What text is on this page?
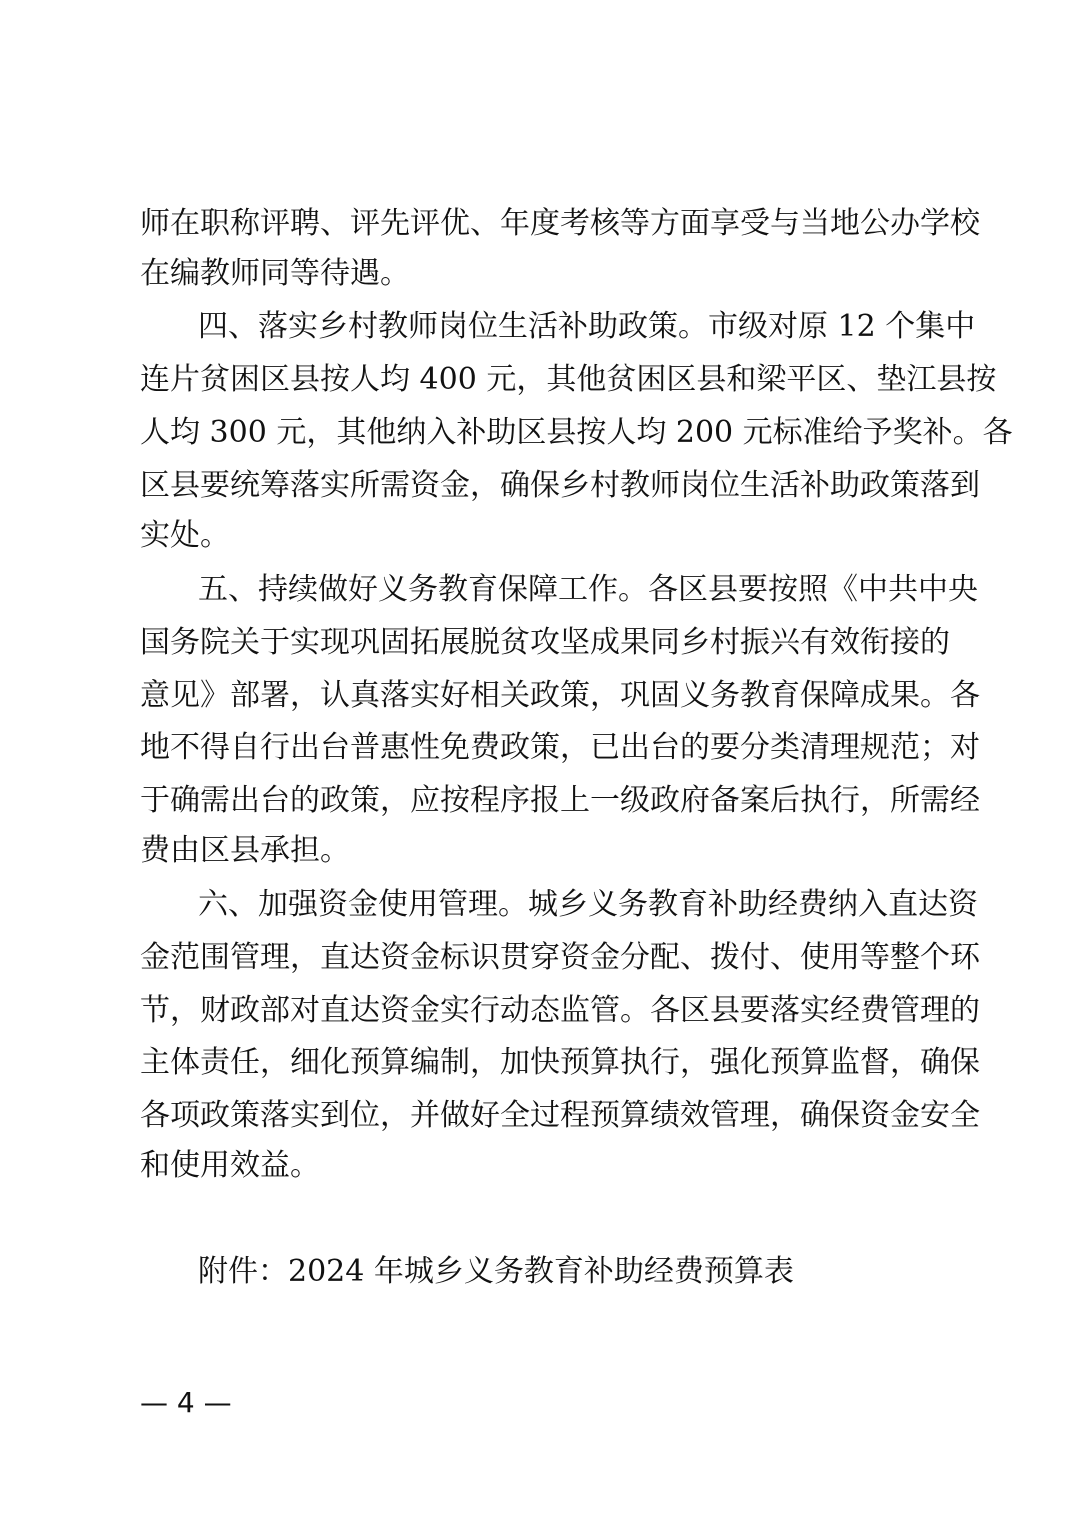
师在职称评聘、评先评优、年度考核等方面享受与当地公办学校
在编教师同等待遇。
四、落实乡村教师岗位生活补助政策。市级对原 12 个集中
连片贫困区县按人均 400 元，其他贫困区县和梁平区、垫江县按
人均 300 元，其他纳入补助区县按人均 200 元标准给予奖补。各
区县要统筹落实所需资金，确保乡村教师岗位生活补助政策落到
实处。
五、持续做好义务教育保障工作。各区县要按照《中共中央
国务院关于实现巩固拓展脱贫攻坚成果同乡村振兴有效衔接的
意见》部署，认真落实好相关政策，巩固义务教育保障成果。各
地不得自行出台普惠性免费政策，已出台的要分类清理规范；对
于确需出台的政策，应按程序报上一级政府备案后执行，所需经
费由区县承担。
六、加强资金使用管理。城乡义务教育补助经费纳入直达资
金范围管理，直达资金标识贯穿资金分配、拨付、使用等整个环
节，财政部对直达资金实行动态监管。各区县要落实经费管理的
主体责任，细化预算编制，加快预算执行，强化预算监督，确保
各项政策落实到位，并做好全过程预算绩效管理，确保资金安全
和使用效益。
附件：2024 年城乡义务教育补助经费预算表
— 4 —
